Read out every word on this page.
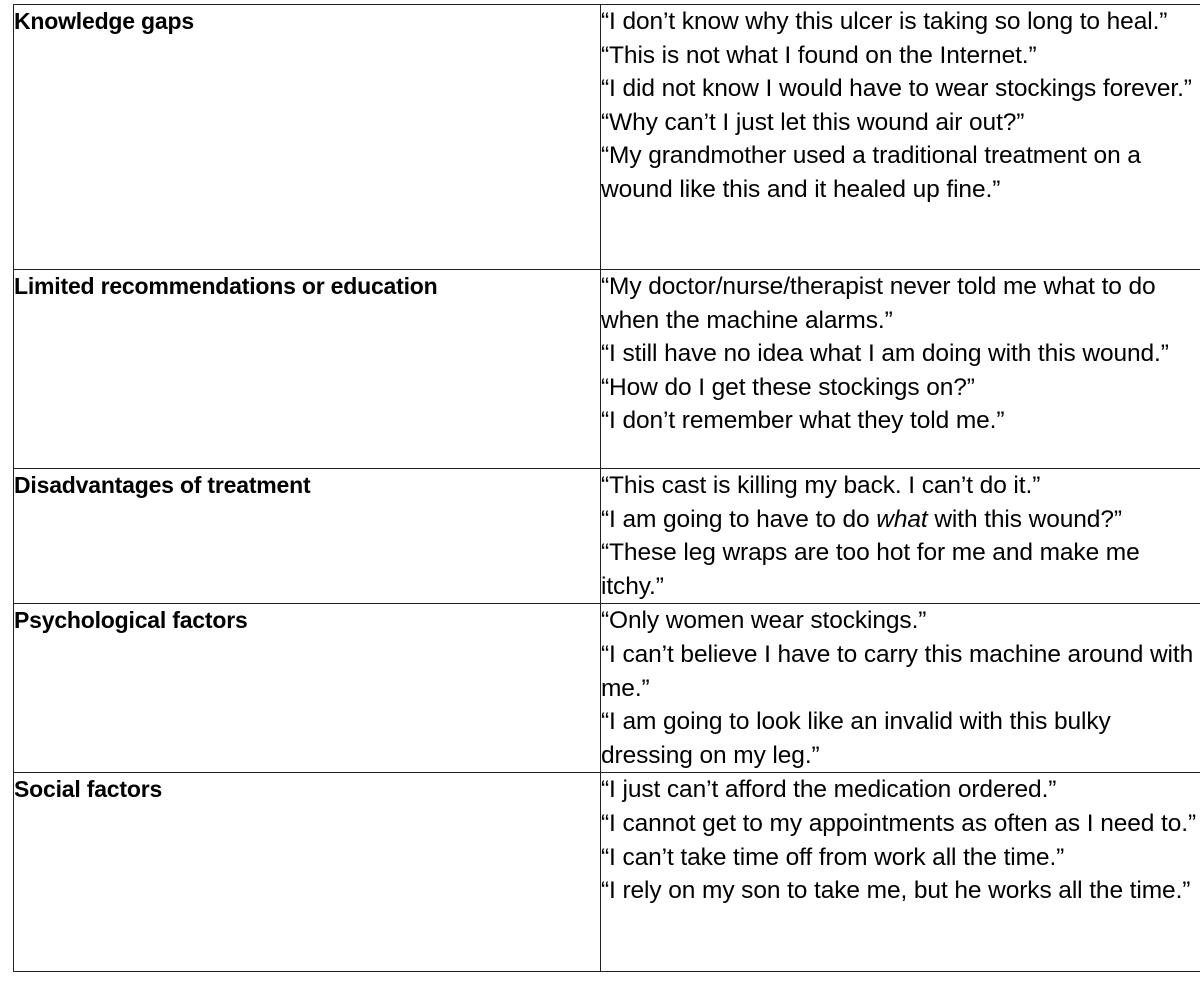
Knowledge gaps	“I don’t know why this ulcer is taking so long to heal.”
“This is not what I found on the Internet.”
“I did not know I would have to wear stockings forever.”
“Why can’t I just let this wound air out?”
“My grandmother used a traditional treatment on a wound like this and it healed up fine.”

Limited recommendations or education	“My doctor/nurse/therapist never told me what to do when the machine alarms.”
“I still have no idea what I am doing with this wound.”
“How do I get these stockings on?”
“I don’t remember what they told me.”

Disadvantages of treatment	“This cast is killing my back. I can’t do it.”
“I am going to have to do what with this wound?”
“These leg wraps are too hot for me and make me itchy.”

Psychological factors	“Only women wear stockings.”
“I can’t believe I have to carry this machine around with me.”
“I am going to look like an invalid with this bulky dressing on my leg.”

Social factors	“I just can’t afford the medication ordered.”
“I cannot get to my appointments as often as I need to.”
“I can’t take time off from work all the time.”
“I rely on my son to take me, but he works all the time.”
